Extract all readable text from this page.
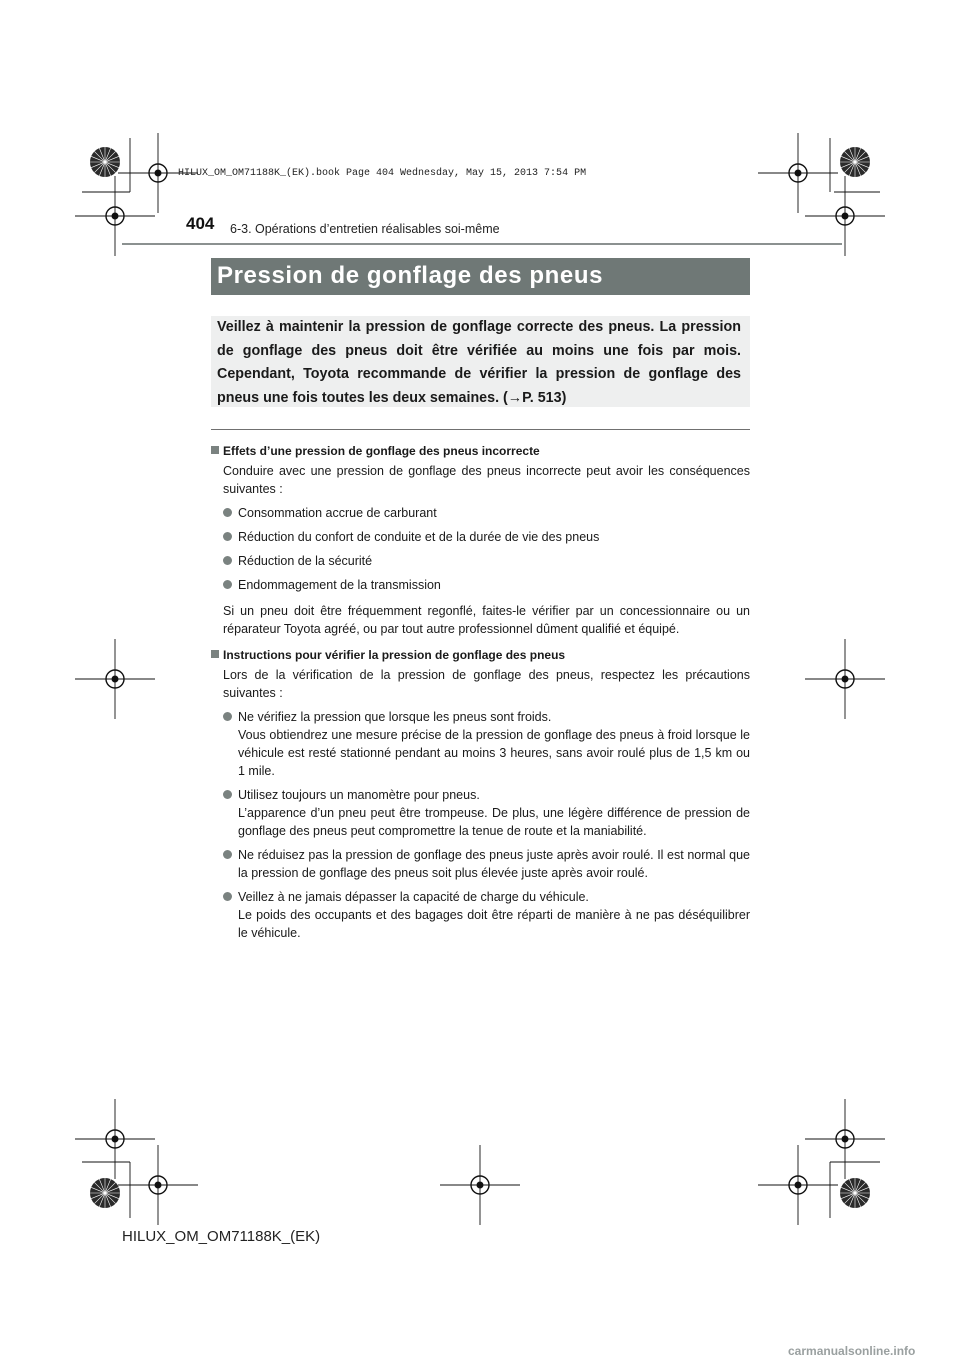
HILUX_OM_OM71188K_(EK).book Page 404 Wednesday, May 15, 2013 7:54 PM
404 6-3. Opérations d’entretien réalisables soi-même
Pression de gonflage des pneus
Veillez à maintenir la pression de gonflage correcte des pneus. La pression de gonflage des pneus doit être vérifiée au moins une fois par mois. Cependant, Toyota recommande de vérifier la pression de gonflage des pneus une fois toutes les deux semaines. (→P. 513)
Effets d’une pression de gonflage des pneus incorrecte
Conduire avec une pression de gonflage des pneus incorrecte peut avoir les conséquences suivantes :
Consommation accrue de carburant
Réduction du confort de conduite et de la durée de vie des pneus
Réduction de la sécurité
Endommagement de la transmission
Si un pneu doit être fréquemment regonflé, faites-le vérifier par un concessionnaire ou un réparateur Toyota agréé, ou par tout autre professionnel dûment qualifié et équipé.
Instructions pour vérifier la pression de gonflage des pneus
Lors de la vérification de la pression de gonflage des pneus, respectez les précautions suivantes :
Ne vérifiez la pression que lorsque les pneus sont froids.
Vous obtiendrez une mesure précise de la pression de gonflage des pneus à froid lorsque le véhicule est resté stationné pendant au moins 3 heures, sans avoir roulé plus de 1,5 km ou 1 mile.
Utilisez toujours un manomètre pour pneus.
L’apparence d’un pneu peut être trompeuse. De plus, une légère différence de pression de gonflage des pneus peut compromettre la tenue de route et la maniabilité.
Ne réduisez pas la pression de gonflage des pneus juste après avoir roulé. Il est normal que la pression de gonflage des pneus soit plus élevée juste après avoir roulé.
Veillez à ne jamais dépasser la capacité de charge du véhicule.
Le poids des occupants et des bagages doit être réparti de manière à ne pas déséquilibrer le véhicule.
HILUX_OM_OM71188K_(EK)
carmanualsonline.info
